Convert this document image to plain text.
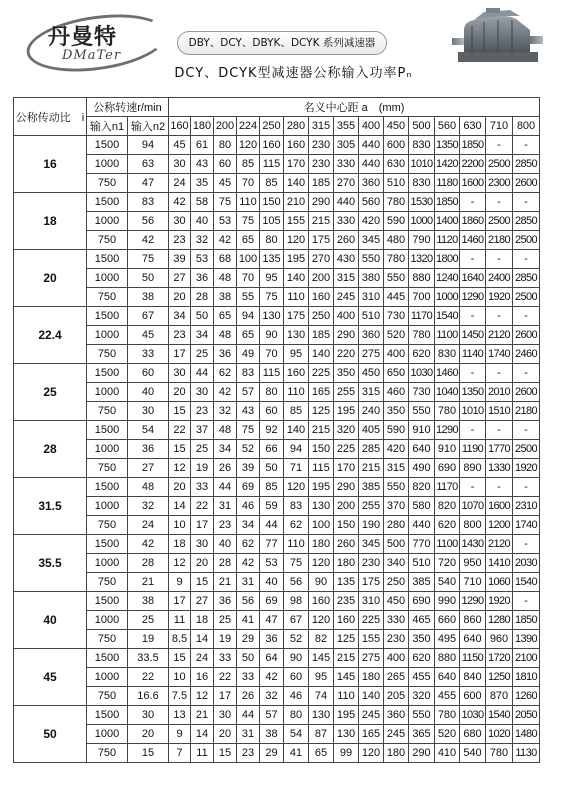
丹曼特
DMaTer
DBY、DCY、DBYK、DCYK 系列减速器
DCY、DCYK型减速器公称输入功率Pₙ
公称传动比　i	公称转速r/min		名义中心距 a　(mm)														
	输入n1	输入n2	160	180	200	224	250	280	315	355	400	450	500	560	630	710	800
16	1500	94	45	61	80	120	160	160	230	305	440	600	830	1350	1850	-	-
	1000	63	30	43	60	85	115	170	230	330	440	630	1010	1420	2200	2500	2850
	750	47	24	35	45	70	85	140	185	270	360	510	830	1180	1600	2300	2600
18	1500	83	42	58	75	110	150	210	290	440	560	780	1530	1850	-	-	-
	1000	56	30	40	53	75	105	155	215	330	420	590	1000	1400	1860	2500	2850
	750	42	23	32	42	65	80	120	175	260	345	480	790	1120	1460	2180	2500
20	1500	75	39	53	68	100	135	195	270	430	550	780	1320	1800	-	-	-
	1000	50	27	36	48	70	95	140	200	315	380	550	880	1240	1640	2400	2850
	750	38	20	28	38	55	75	110	160	245	310	445	700	1000	1290	1920	2500
22.4	1500	67	34	50	65	94	130	175	250	400	510	730	1170	1540	-	-	-
	1000	45	23	34	48	65	90	130	185	290	360	520	780	1100	1450	2120	2600
	750	33	17	25	36	49	70	95	140	220	275	400	620	830	1140	1740	2460
25	1500	60	30	44	62	83	115	160	225	350	450	650	1030	1460	-	-	-
	1000	40	20	30	42	57	80	110	165	255	315	460	730	1040	1350	2010	2600
	750	30	15	23	32	43	60	85	125	195	240	350	550	780	1010	1510	2180
28	1500	54	22	37	48	75	92	140	215	320	405	590	910	1290	-	-	-
	1000	36	15	25	34	52	66	94	150	225	285	420	640	910	1190	1770	2500
	750	27	12	19	26	39	50	71	115	170	215	315	490	690	890	1330	1920
31.5	1500	48	20	33	44	69	85	120	195	290	385	550	820	1170	-	-	-
	1000	32	14	22	31	46	59	83	130	200	255	370	580	820	1070	1600	2310
	750	24	10	17	23	34	44	62	100	150	190	280	440	620	800	1200	1740
35.5	1500	42	18	30	40	62	77	110	180	260	345	500	770	1100	1430	2120	-
	1000	28	12	20	28	42	53	75	120	180	230	340	510	720	950	1410	2030
	750	21	9	15	21	31	40	56	90	135	175	250	385	540	710	1060	1540
40	1500	38	17	27	36	56	69	98	160	235	310	450	690	990	1290	1920	-
	1000	25	11	18	25	41	47	67	120	160	225	330	465	660	860	1280	1850
	750	19	8.5	14	19	29	36	52	82	125	155	230	350	495	640	960	1390
45	1500	33.5	15	24	33	50	64	90	145	215	275	400	620	880	1150	1720	2100
	1000	22	10	16	22	33	42	60	95	145	180	265	455	640	840	1250	1810
	750	16.6	7.5	12	17	26	32	46	74	110	140	205	320	455	600	870	1260
50	1500	30	13	21	30	44	57	80	130	195	245	360	550	780	1030	1540	2050
	1000	20	9	14	20	31	38	54	87	130	165	245	365	520	680	1020	1480
	750	15	7	11	15	23	29	41	65	99	120	180	290	410	540	780	1130
